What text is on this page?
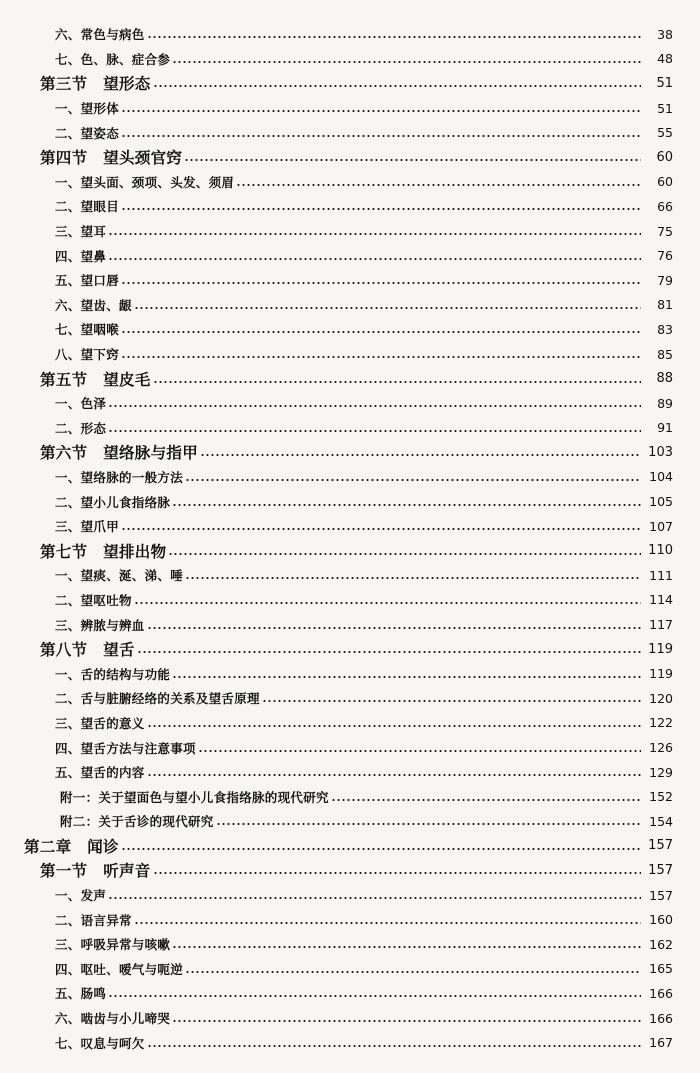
六、常色与病色	38
七、色、脉、症合参	48
第三节　望形态	51
一、望形体	51
二、望姿态	55
第四节　望头颈官窍	60
一、望头面、颈项、头发、须眉	60
二、望眼目	66
三、望耳	75
四、望鼻	76
五、望口唇	79
六、望齿、龈	81
七、望咽喉	83
八、望下窍	85
第五节　望皮毛	88
一、色泽	89
二、形态	91
第六节　望络脉与指甲	103
一、望络脉的一般方法	104
二、望小儿食指络脉	105
三、望爪甲	107
第七节　望排出物	110
一、望痰、涎、涕、唾	111
二、望呕吐物	114
三、辨脓与辨血	117
第八节　望舌	119
一、舌的结构与功能	119
二、舌与脏腑经络的关系及望舌原理	120
三、望舌的意义	122
四、望舌方法与注意事项	126
五、望舌的内容	129
附一：关于望面色与望小儿食指络脉的现代研究	152
附二：关于舌诊的现代研究	154
第二章　闻诊	157
第一节　听声音	157
一、发声	157
二、语言异常	160
三、呼吸异常与咳嗽	162
四、呕吐、嗳气与呃逆	165
五、肠鸣	166
六、啮齿与小儿啼哭	166
七、叹息与呵欠	167
